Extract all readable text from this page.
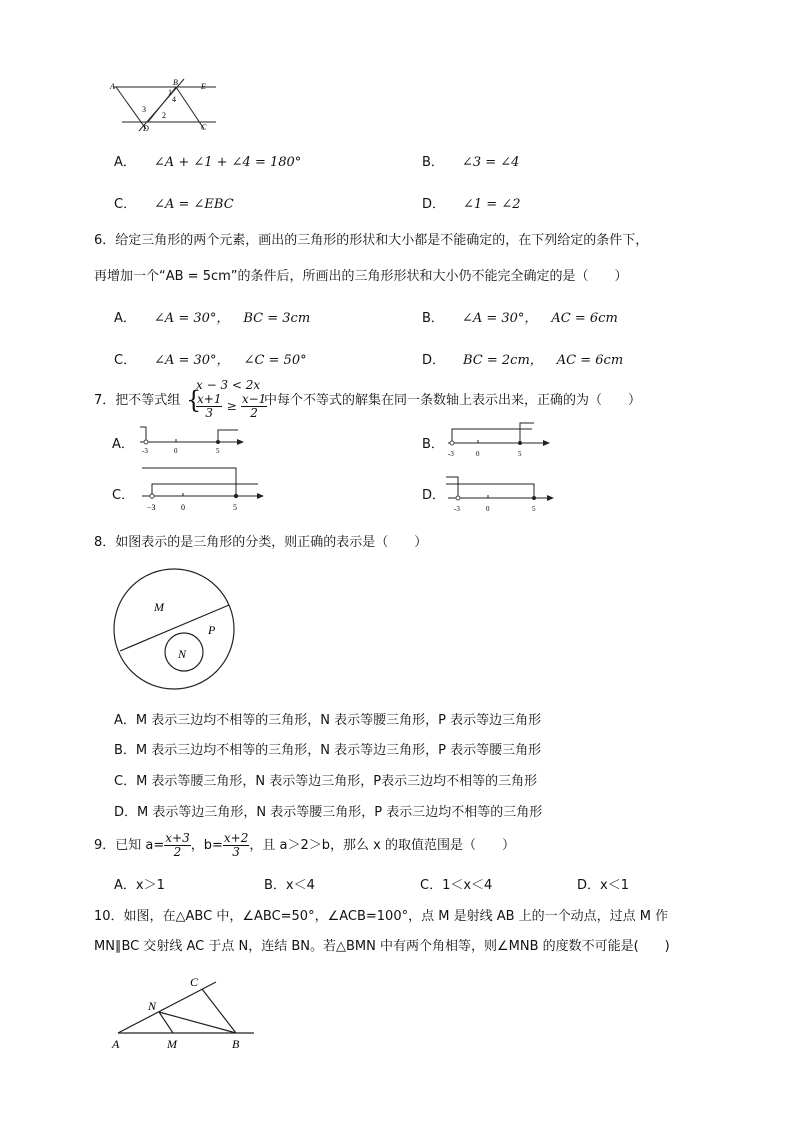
A	B	E
C
D
1
2
3
4
A． ∠A + ∠1 + ∠4 = 180°	B． ∠3 = ∠4
C． ∠A = ∠EBC	D． ∠1 = ∠2
6．给定三角形的两个元素，画出的三角形的形状和大小都是不能确定的，在下列给定的条件下，
再增加一个“AB = 5cm”的条件后，所画出的三角形形状和大小仍不能完全确定的是（　　）
A． ∠A = 30°， BC = 3cm	B． ∠A = 30°， AC = 6cm
C． ∠A = 30°， ∠C = 50°	D． BC = 2cm， AC = 6cm
7．把不等式组 {
x − 3 < 2x
$\frac{x+1}{3} \ge \frac{x-1}{2}$
中每个不等式的解集在同一条数轴上表示出来，正确的为（　　）
A． -3	0	5	B．
-3	0	5
C．
−3	0	5
D．
-3	0	5
8．如图表示的是三角形的分类，则正确的表示是（　　）
M
P
N
A．M 表示三边均不相等的三角形，N 表示等腰三角形，P 表示等边三角形
B．M 表示三边均不相等的三角形，N 表示等边三角形，P 表示等腰三角形
C．M 表示等腰三角形，N 表示等边三角形，P表示三边均不相等的三角形
D．M 表示等边三角形，N 表示等腰三角形，P 表示三边均不相等的三角形
9．已知 $a= \frac{x+3}{2}$ ，$b= \frac{x+2}{3}$ ，且 a＞2＞b，那么 x 的取值范围是（　　）
A．x＞1	B．x＜4	C．1＜x＜4	D．x＜1
10．如图，在△ABC 中，∠ABC=50°，∠ACB=100°，点 M 是射线 AB 上的一个动点，过点 M 作
MN∥BC 交射线 AC 于点 N，连结 BN。若△BMN 中有两个角相等，则∠MNB 的度数不可能是(　　)
C
N
A	M	B
